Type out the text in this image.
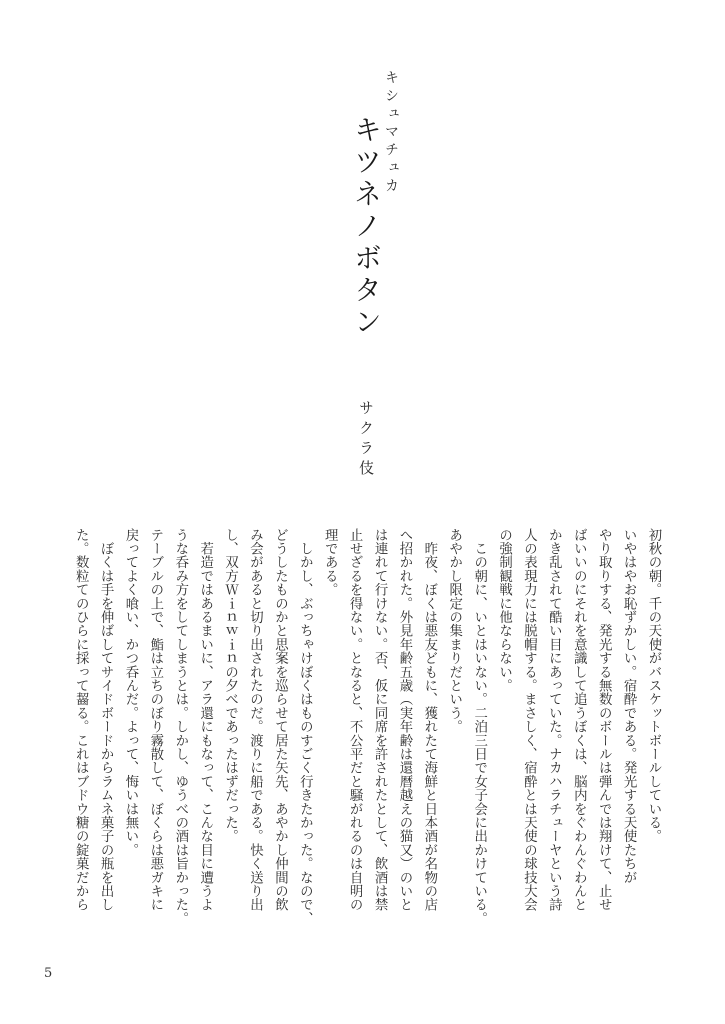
キシュマチュカ
キツネノボタン
サクラ伎
初秋の朝。千の天使がバスケットボールしている。
いやはやお恥ずかしい。宿酔である。発光する天使たちが
やり取りする、発光する無数のボールは弾んでは翔けて、止せ
ばいいのにそれを意識して追うぼくは、脳内をぐわんぐわんと
かき乱されて酷い目にあっていた。ナカハラチューヤという詩
人の表現力には脱帽する。まさしく、宿酔とは天使の球技大会
の強制観戦に他ならない。
　この朝に、いとはいない。二泊三日で女子会に出かけている。
あやかし限定の集まりだという。
　昨夜、ぼくは悪友どもに、獲れたて海鮮と日本酒が名物の店
へ招かれた。外見年齢五歳（実年齢は還暦越えの猫又）のいと
は連れて行けない。否、仮に同席を許されたとして、飲酒は禁
止せざるを得ない。となると、不公平だと騒がれるのは自明の
理である。
　しかし、ぶっちゃけぼくはものすごく行きたかった。なので、
どうしたものかと思案を巡らせて居た矢先、あやかし仲間の飲
み会があると切り出されたのだ。渡りに船である。快く送り出
し、双方Ｗｉｎｗｉｎの夕べであったはずだった。
　若造ではあるまいに、アラ還にもなって、こんな目に遭うよ
うな呑み方をしてしまうとは。しかし、ゆうべの酒は旨かった。
テーブルの上で、鮨は立ちのぼり霧散して、ぼくらは悪ガキに
戻ってよく喰い、かつ呑んだ。よって、悔いは無い。
　ぼくは手を伸ばしてサイドボードからラムネ菓子の瓶を出し
た。数粒てのひらに採って齧る。これはブドウ糖の錠菓だから
5
